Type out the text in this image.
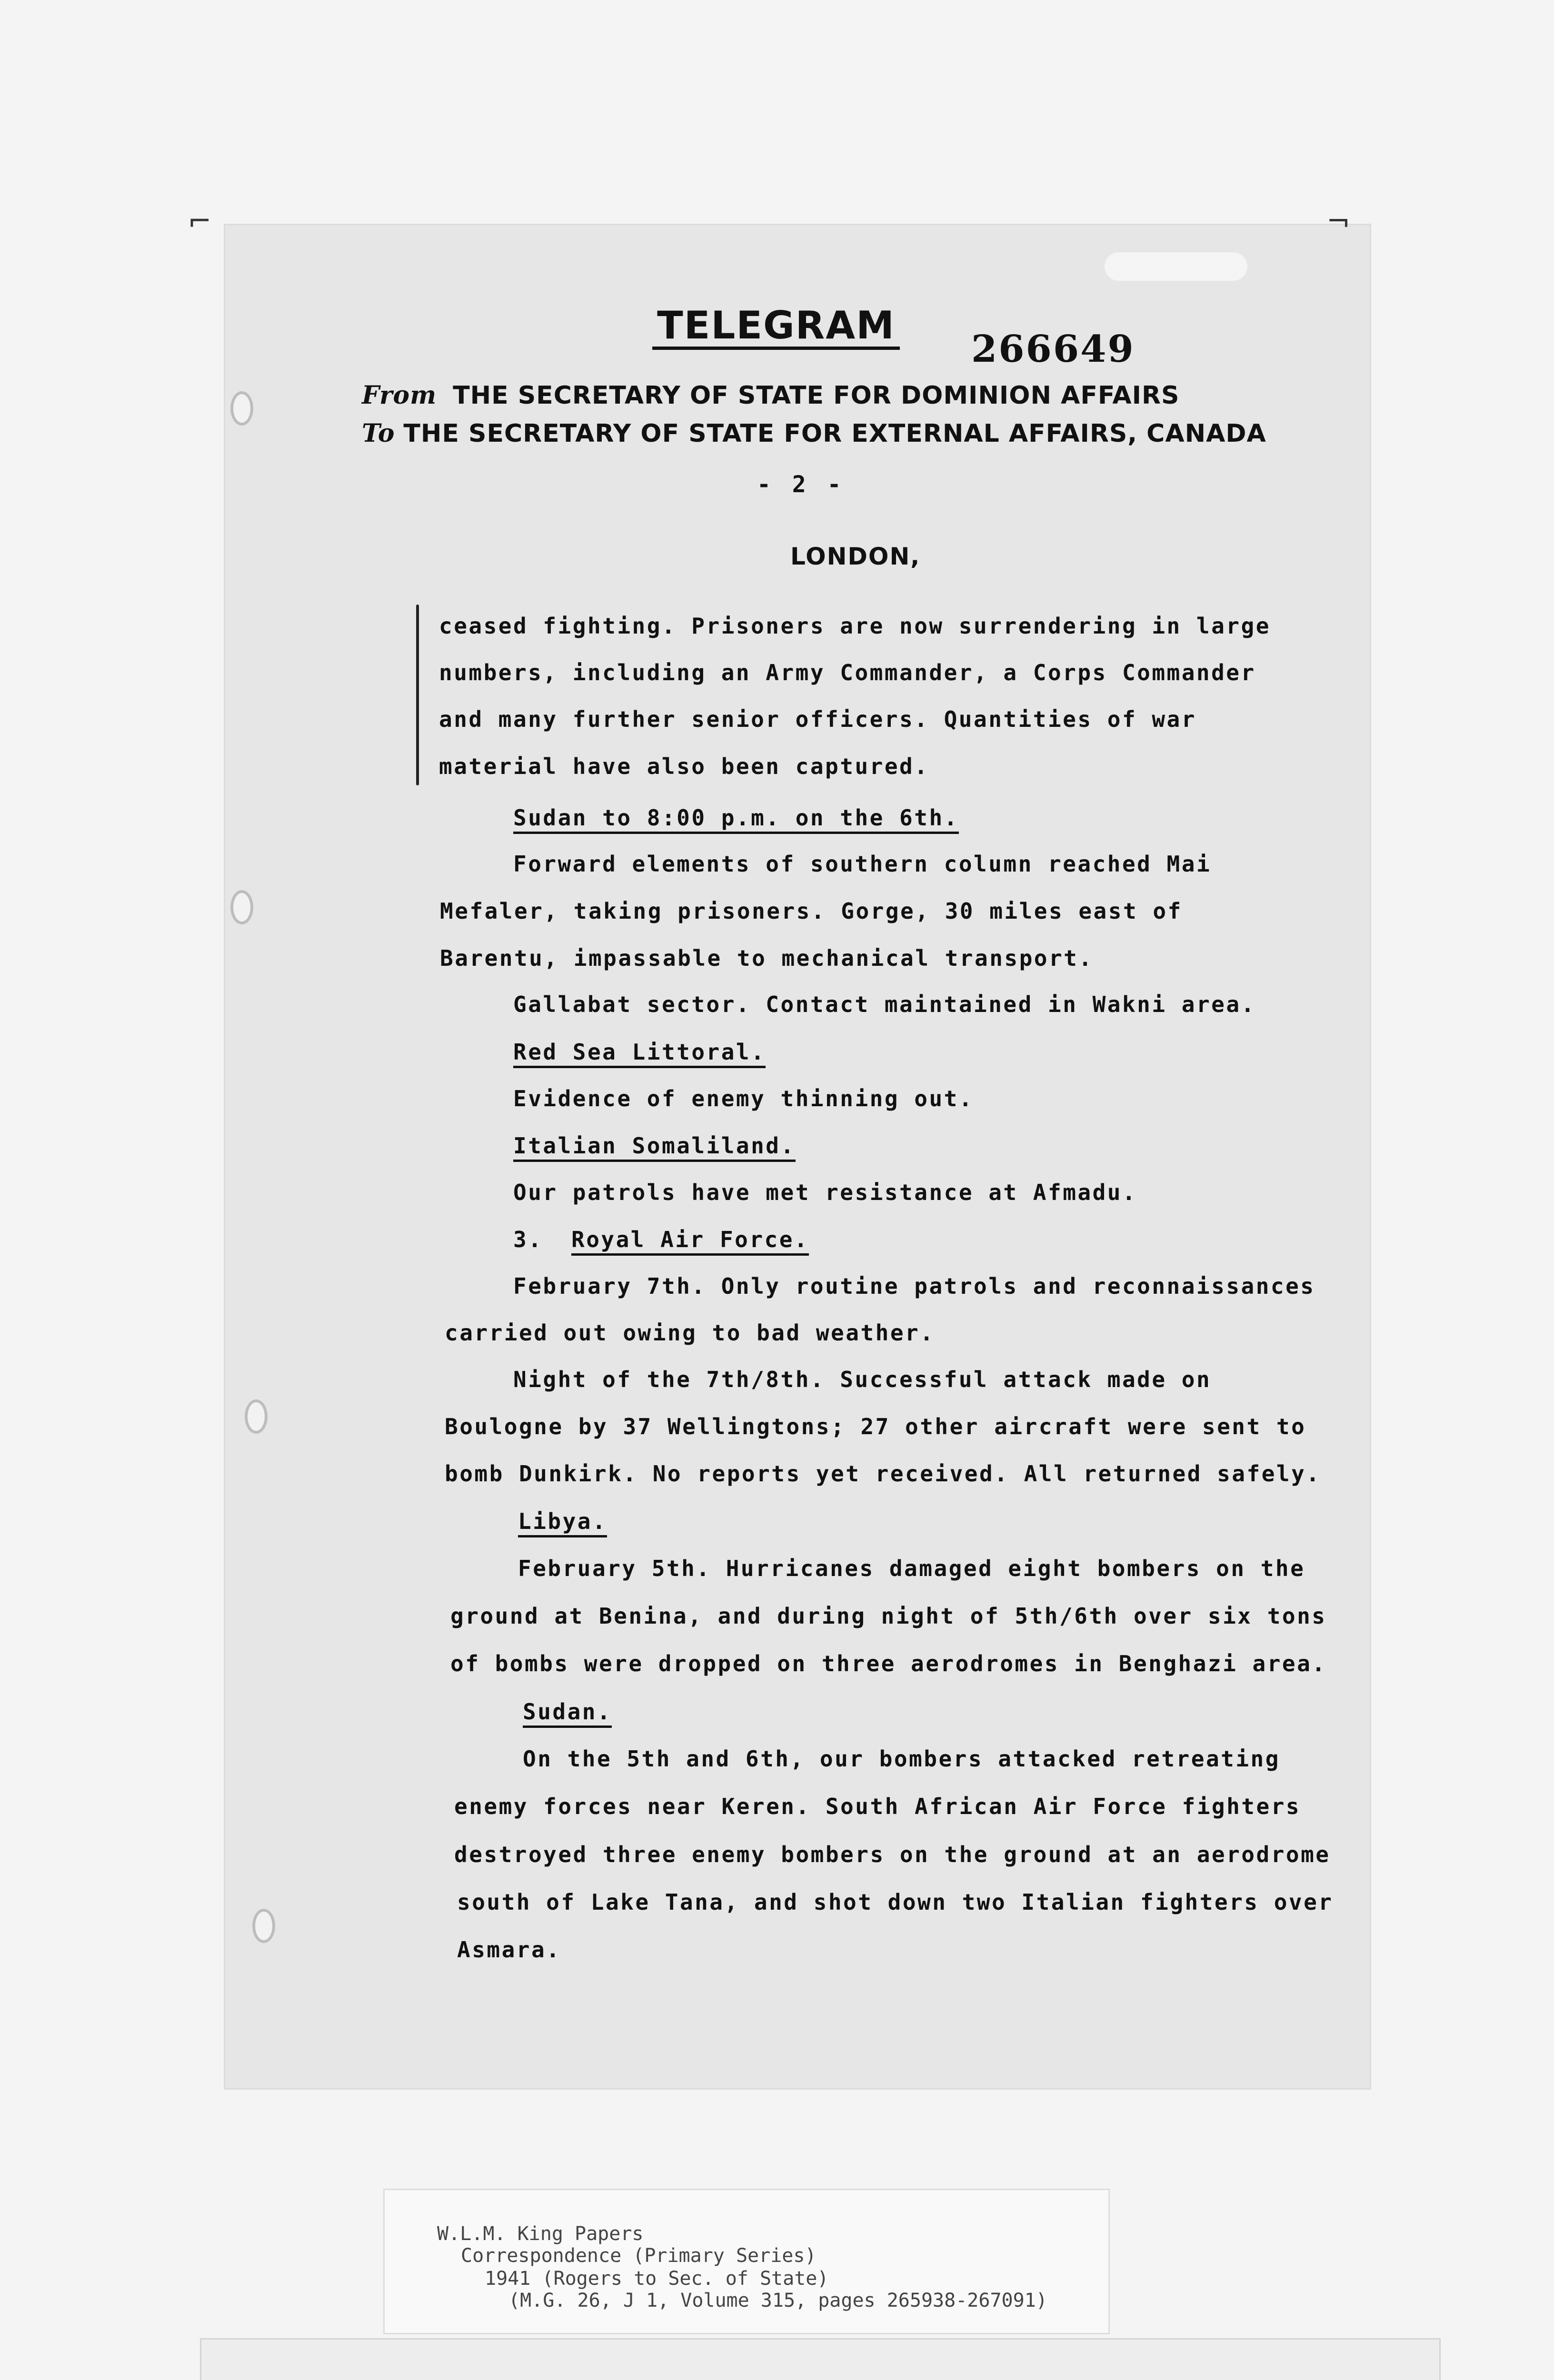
⌐	¬
TELEGRAM
266649
From THE SECRETARY OF STATE FOR DOMINION AFFAIRS
To THE SECRETARY OF STATE FOR EXTERNAL AFFAIRS, CANADA
- 2 -
LONDON,
ceased fighting. Prisoners are now surrendering in large
numbers, including an Army Commander, a Corps Commander
and many further senior officers. Quantities of war
material have also been captured.
Sudan to 8:00 p.m. on the 6th.
Forward elements of southern column reached Mai
Mefaler, taking prisoners. Gorge, 30 miles east of
Barentu, impassable to mechanical transport.
Gallabat sector. Contact maintained in Wakni area.
Red Sea Littoral.
Evidence of enemy thinning out.
Italian Somaliland.
Our patrols have met resistance at Afmadu.
3. Royal Air Force.
February 7th. Only routine patrols and reconnaissances
carried out owing to bad weather.
Night of the 7th/8th. Successful attack made on
Boulogne by 37 Wellingtons; 27 other aircraft were sent to
bomb Dunkirk. No reports yet received. All returned safely.
Libya.
February 5th. Hurricanes damaged eight bombers on the
ground at Benina, and during night of 5th/6th over six tons
of bombs were dropped on three aerodromes in Benghazi area.
Sudan.
On the 5th and 6th, our bombers attacked retreating
enemy forces near Keren. South African Air Force fighters
destroyed three enemy bombers on the ground at an aerodrome
south of Lake Tana, and shot down two Italian fighters over
Asmara.
W.L.M. King Papers
Correspondence (Primary Series)
1941 (Rogers to Sec. of State)
(M.G. 26, J 1, Volume 315, pages 265938-267091)
